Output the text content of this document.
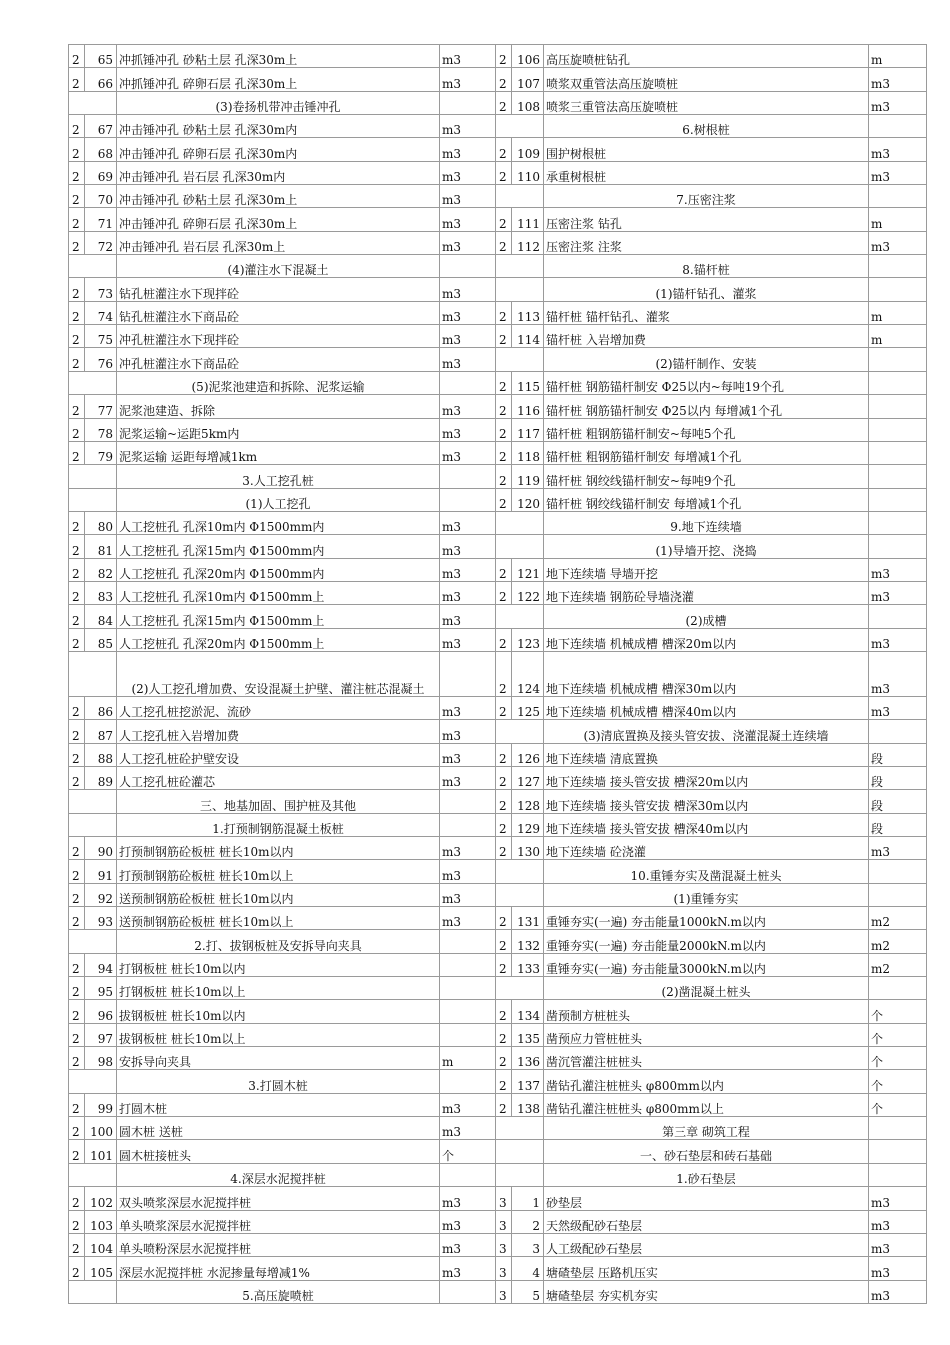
2	65	冲抓锤冲孔 砂粘土层 孔深30m上	m3	2	106	高压旋喷桩钻孔	m
2	66	冲抓锤冲孔 碎卵石层 孔深30m上	m3	2	107	喷浆双重管法高压旋喷桩	m3
		(3)卷扬机带冲击锤冲孔		2	108	喷浆三重管法高压旋喷桩	m3
2	67	冲击锤冲孔 砂粘土层 孔深30m内	m3			6.树根桩	
2	68	冲击锤冲孔 碎卵石层 孔深30m内	m3	2	109	围护树根桩	m3
2	69	冲击锤冲孔 岩石层 孔深30m内	m3	2	110	承重树根桩	m3
2	70	冲击锤冲孔 砂粘土层 孔深30m上	m3			7.压密注浆	
2	71	冲击锤冲孔 碎卵石层 孔深30m上	m3	2	111	压密注浆 钻孔	m
2	72	冲击锤冲孔 岩石层 孔深30m上	m3	2	112	压密注浆 注浆	m3
		(4)灌注水下混凝土				8.锚杆桩	
2	73	钻孔桩灌注水下现拌砼	m3			(1)锚杆钻孔、灌浆	
2	74	钻孔桩灌注水下商品砼	m3	2	113	锚杆桩 锚杆钻孔、灌浆	m
2	75	冲孔桩灌注水下现拌砼	m3	2	114	锚杆桩 入岩增加费	m
2	76	冲孔桩灌注水下商品砼	m3			(2)锚杆制作、安装	
		(5)泥浆池建造和拆除、泥浆运输		2	115	锚杆桩 钢筋锚杆制安 Φ25以内~每吨19个孔	
2	77	泥浆池建造、拆除	m3	2	116	锚杆桩 钢筋锚杆制安 Φ25以内 每增减1个孔	
2	78	泥浆运输~运距5km内	m3	2	117	锚杆桩 粗钢筋锚杆制安~每吨5个孔	
2	79	泥浆运输 运距每增减1km	m3	2	118	锚杆桩 粗钢筋锚杆制安 每增减1个孔	
		3.人工挖孔桩		2	119	锚杆桩 钢绞线锚杆制安~每吨9个孔	
		(1)人工挖孔		2	120	锚杆桩 钢绞线锚杆制安 每增减1个孔	
2	80	人工挖桩孔 孔深10m内 Φ1500mm内	m3			9.地下连续墙	
2	81	人工挖桩孔 孔深15m内 Φ1500mm内	m3			(1)导墙开挖、浇捣	
2	82	人工挖桩孔 孔深20m内 Φ1500mm内	m3	2	121	地下连续墙 导墙开挖	m3
2	83	人工挖桩孔 孔深10m内 Φ1500mm上	m3	2	122	地下连续墙 钢筋砼导墙浇灌	m3
2	84	人工挖桩孔 孔深15m内 Φ1500mm上	m3			(2)成槽	
2	85	人工挖桩孔 孔深20m内 Φ1500mm上	m3	2	123	地下连续墙 机械成槽 槽深20m以内	m3
		(2)人工挖孔增加费、安设混凝土护壁、灌注桩芯混凝土		2	124	地下连续墙 机械成槽 槽深30m以内	m3
2	86	人工挖孔桩挖淤泥、流砂	m3	2	125	地下连续墙 机械成槽 槽深40m以内	m3
2	87	人工挖孔桩入岩增加费	m3			(3)清底置换及接头管安拔、浇灌混凝土连续墙	
2	88	人工挖孔桩砼护壁安设	m3	2	126	地下连续墙 清底置换	段
2	89	人工挖孔桩砼灌芯	m3	2	127	地下连续墙 接头管安拔 槽深20m以内	段
		三、地基加固、围护桩及其他		2	128	地下连续墙 接头管安拔 槽深30m以内	段
		1.打预制钢筋混凝土板桩		2	129	地下连续墙 接头管安拔 槽深40m以内	段
2	90	打预制钢筋砼板桩 桩长10m以内	m3	2	130	地下连续墙 砼浇灌	m3
2	91	打预制钢筋砼板桩 桩长10m以上	m3			10.重锤夯实及凿混凝土桩头	
2	92	送预制钢筋砼板桩 桩长10m以内	m3			(1)重锤夯实	
2	93	送预制钢筋砼板桩 桩长10m以上	m3	2	131	重锤夯实(一遍) 夯击能量1000kN.m以内	m2
		2.打、拔钢板桩及安拆导向夹具		2	132	重锤夯实(一遍) 夯击能量2000kN.m以内	m2
2	94	打钢板桩 桩长10m以内		2	133	重锤夯实(一遍) 夯击能量3000kN.m以内	m2
2	95	打钢板桩 桩长10m以上				(2)凿混凝土桩头	
2	96	拔钢板桩 桩长10m以内		2	134	凿预制方桩桩头	个
2	97	拔钢板桩 桩长10m以上		2	135	凿预应力管桩桩头	个
2	98	安拆导向夹具	m	2	136	凿沉管灌注桩桩头	个
		3.打圆木桩		2	137	凿钻孔灌注桩桩头 φ800mm以内	个
2	99	打圆木桩	m3	2	138	凿钻孔灌注桩桩头 φ800mm以上	个
2	100	圆木桩 送桩	m3			第三章 砌筑工程	
2	101	圆木桩接桩头	个			一、砂石垫层和砖石基础	
		4.深层水泥搅拌桩				1.砂石垫层	
2	102	双头喷浆深层水泥搅拌桩	m3	3	1	砂垫层	m3
2	103	单头喷浆深层水泥搅拌桩	m3	3	2	天然级配砂石垫层	m3
2	104	单头喷粉深层水泥搅拌桩	m3	3	3	人工级配砂石垫层	m3
2	105	深层水泥搅拌桩 水泥掺量每增减1%	m3	3	4	塘碴垫层 压路机压实	m3
		5.高压旋喷桩		3	5	塘碴垫层 夯实机夯实	m3
